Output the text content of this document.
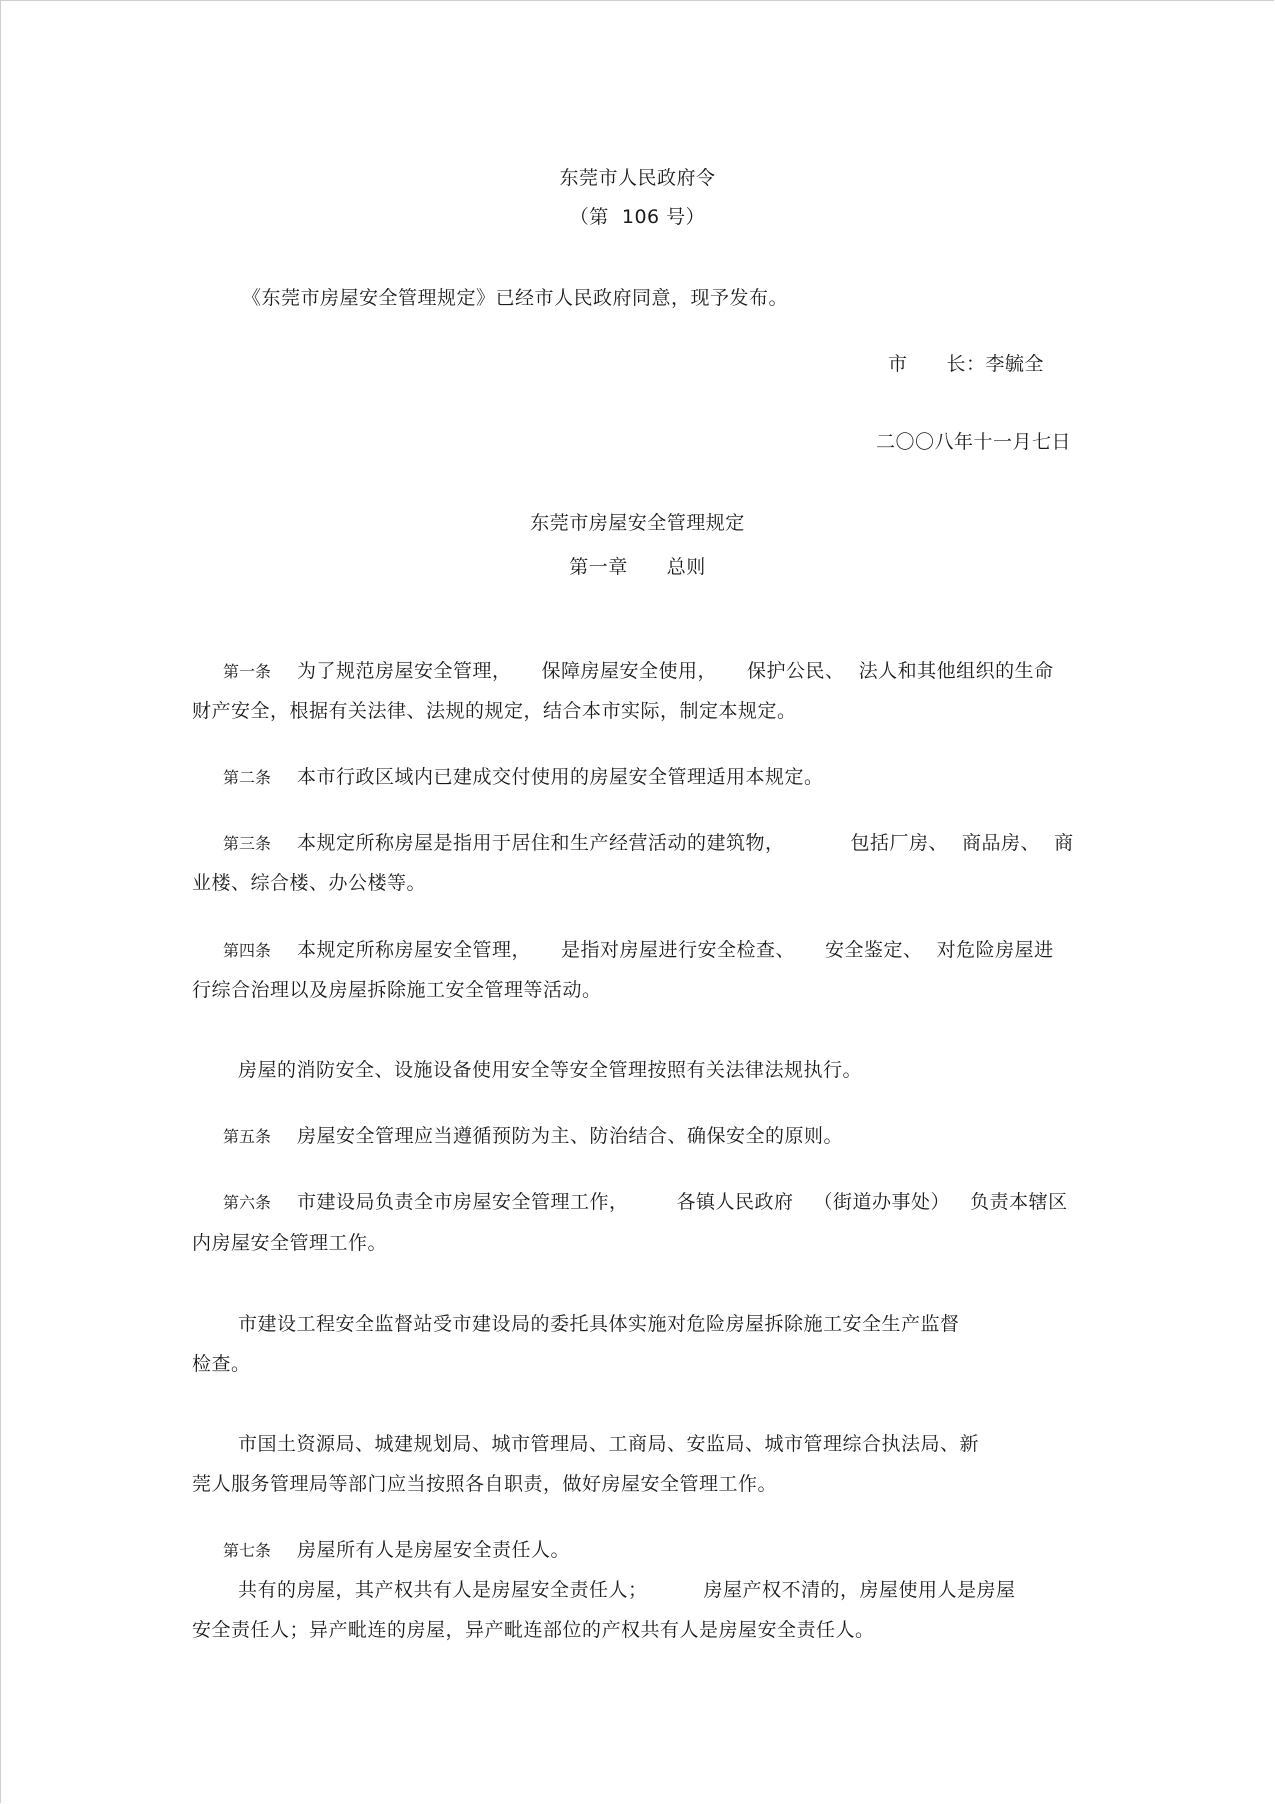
东莞市人民政府令
（第  106 号）
《东莞市房屋安全管理规定》已经市人民政府同意，现予发布。
市　　长：李毓全
二〇〇八年十一月七日
东莞市房屋安全管理规定
第一章　　总则
第一条 为了规范房屋安全管理， 保障房屋安全使用， 保护公民、 法人和其他组织的生命
财产安全，根据有关法律、法规的规定，结合本市实际，制定本规定。
第二条 本市行政区域内已建成交付使用的房屋安全管理适用本规定。
第三条 本规定所称房屋是指用于居住和生产经营活动的建筑物，	包括厂房、 商品房、 商
业楼、综合楼、办公楼等。
第四条 本规定所称房屋安全管理， 是指对房屋进行安全检查、 安全鉴定、 对危险房屋进
行综合治理以及房屋拆除施工安全管理等活动。
房屋的消防安全、设施设备使用安全等安全管理按照有关法律法规执行。
第五条 房屋安全管理应当遵循预防为主、防治结合、确保安全的原则。
第六条 市建设局负责全市房屋安全管理工作，	各镇人民政府 （街道办事处） 负责本辖区
内房屋安全管理工作。
市建设工程安全监督站受市建设局的委托具体实施对危险房屋拆除施工安全生产监督
检查。
市国土资源局、城建规划局、城市管理局、工商局、安监局、城市管理综合执法局、新
莞人服务管理局等部门应当按照各自职责，做好房屋安全管理工作。
第七条 房屋所有人是房屋安全责任人。
共有的房屋，其产权共有人是房屋安全责任人；	房屋产权不清的，房屋使用人是房屋
安全责任人；异产毗连的房屋，异产毗连部位的产权共有人是房屋安全责任人。
